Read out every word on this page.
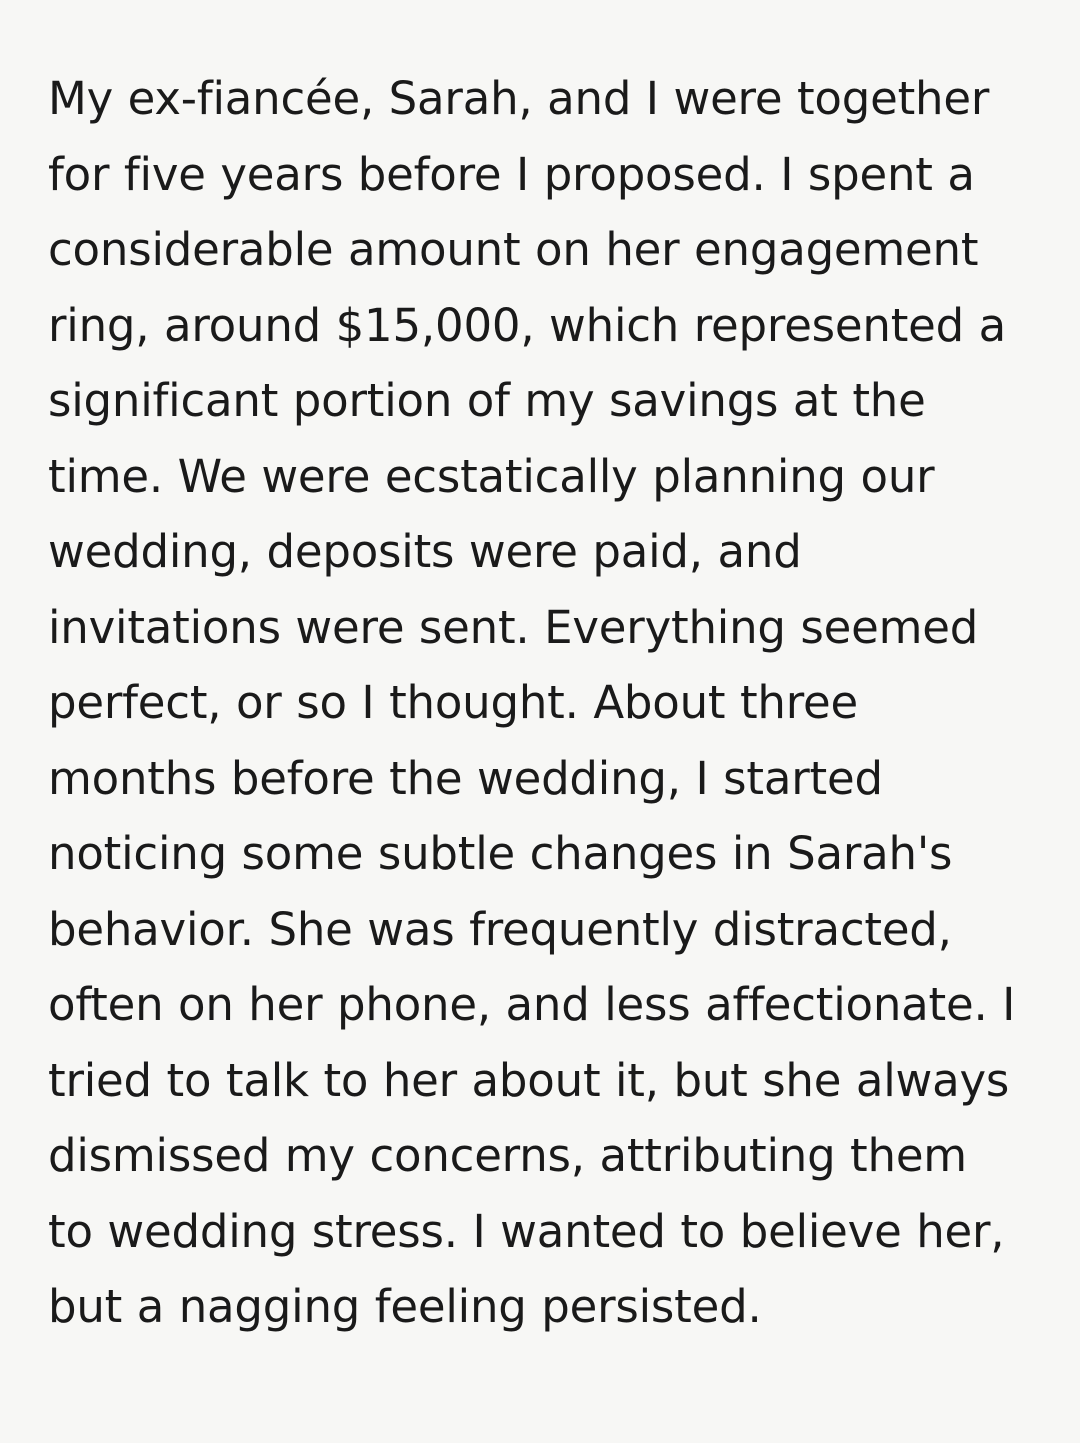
My ex-fiancée, Sarah, and I were together for five years before I proposed. I spent a considerable amount on her engagement ring, around $15,000, which represented a significant portion of my savings at the time. We were ecstatically planning our wedding, deposits were paid, and invitations were sent. Everything seemed perfect, or so I thought. About three months before the wedding, I started noticing some subtle changes in Sarah's behavior. She was frequently distracted, often on her phone, and less affectionate. I tried to talk to her about it, but she always dismissed my concerns, attributing them to wedding stress. I wanted to believe her, but a nagging feeling persisted.
